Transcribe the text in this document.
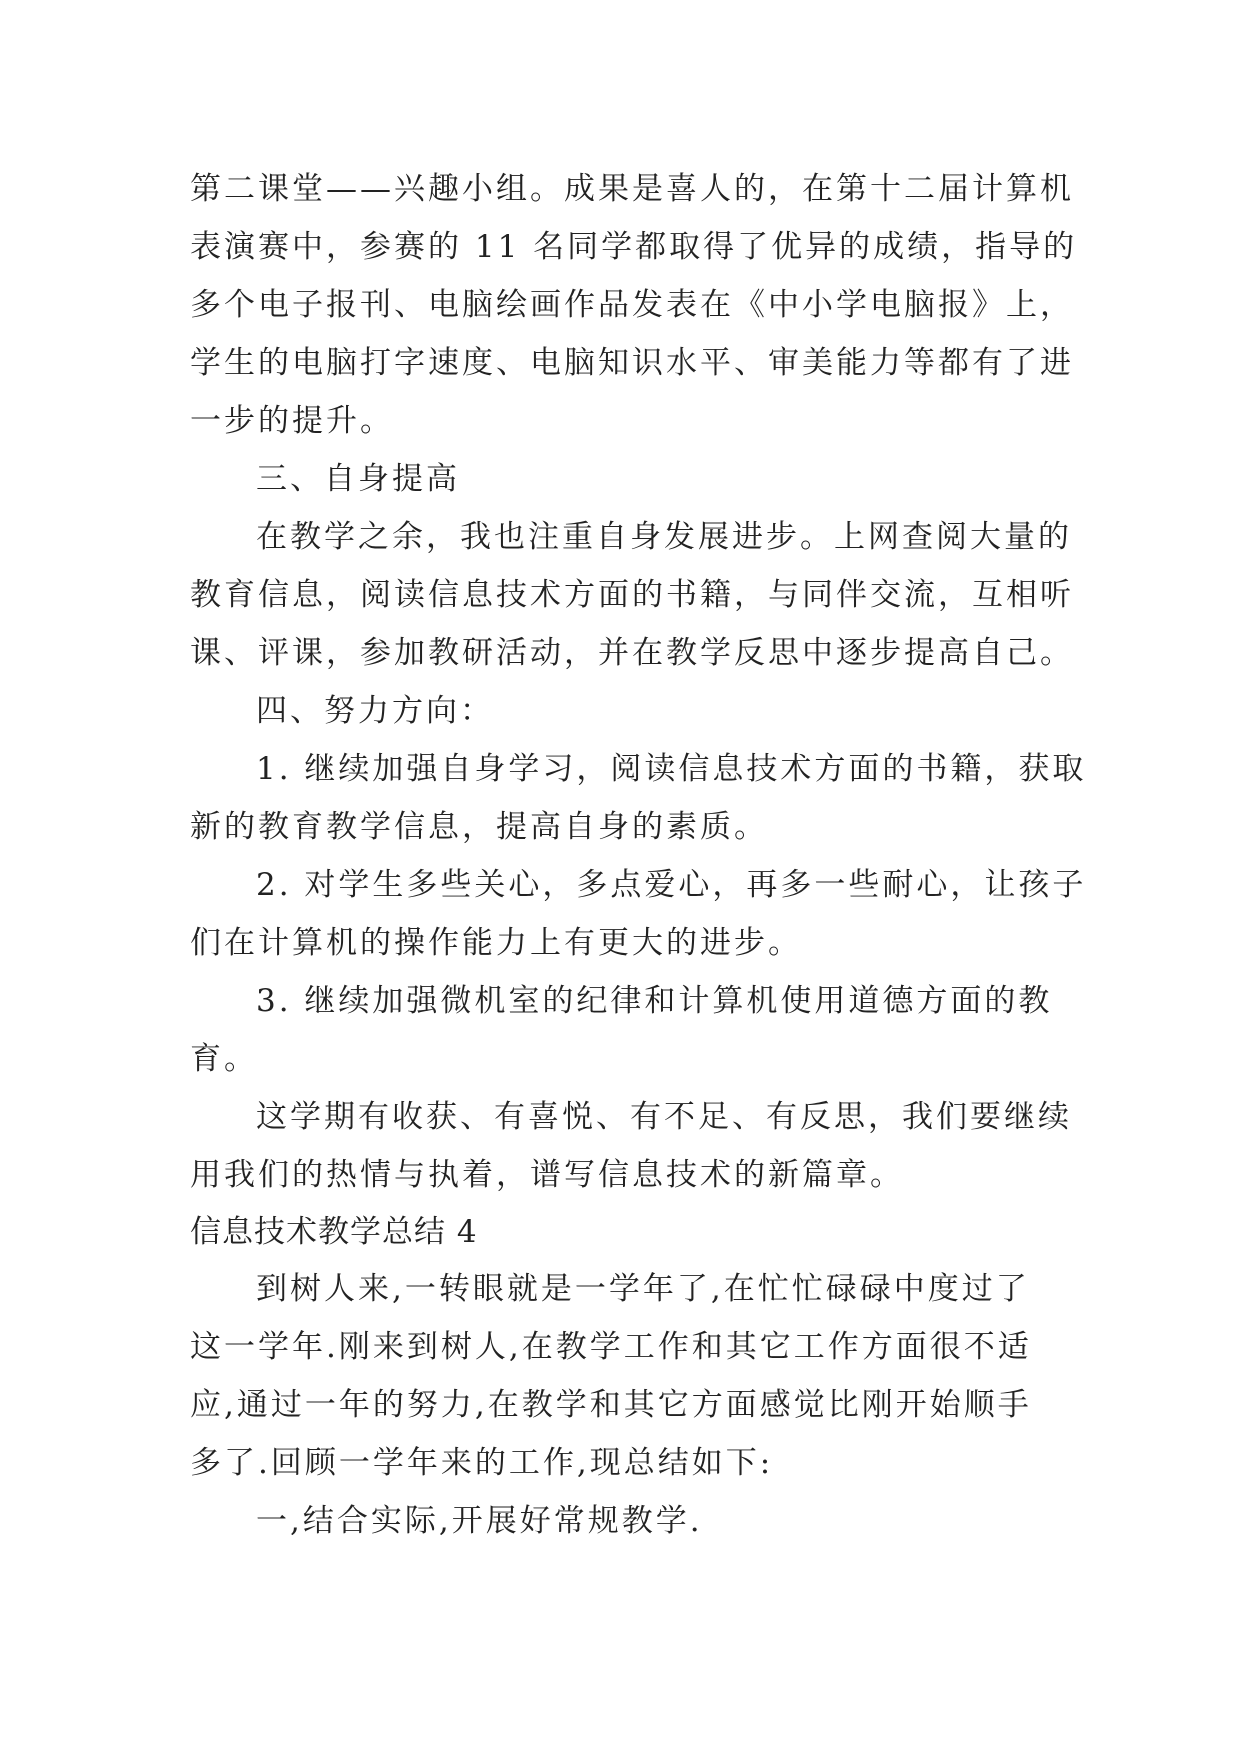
第二课堂——兴趣小组。成果是喜人的，在第十二届计算机
表演赛中，参赛的 11 名同学都取得了优异的成绩，指导的
多个电子报刊、电脑绘画作品发表在《中小学电脑报》上，
学生的电脑打字速度、电脑知识水平、审美能力等都有了进
一步的提升。
三、自身提高
在教学之余，我也注重自身发展进步。上网查阅大量的
教育信息，阅读信息技术方面的书籍，与同伴交流，互相听
课、评课，参加教研活动，并在教学反思中逐步提高自己。
四、努力方向：
1. 继续加强自身学习，阅读信息技术方面的书籍，获取
新的教育教学信息，提高自身的素质。
2. 对学生多些关心，多点爱心，再多一些耐心，让孩子
们在计算机的操作能力上有更大的进步。
3. 继续加强微机室的纪律和计算机使用道德方面的教
育。
这学期有收获、有喜悦、有不足、有反思，我们要继续
用我们的热情与执着，谱写信息技术的新篇章。
信息技术教学总结 4
到树人来,一转眼就是一学年了,在忙忙碌碌中度过了
这一学年.刚来到树人,在教学工作和其它工作方面很不适
应,通过一年的努力,在教学和其它方面感觉比刚开始顺手
多了.回顾一学年来的工作,现总结如下:
一,结合实际,开展好常规教学.
